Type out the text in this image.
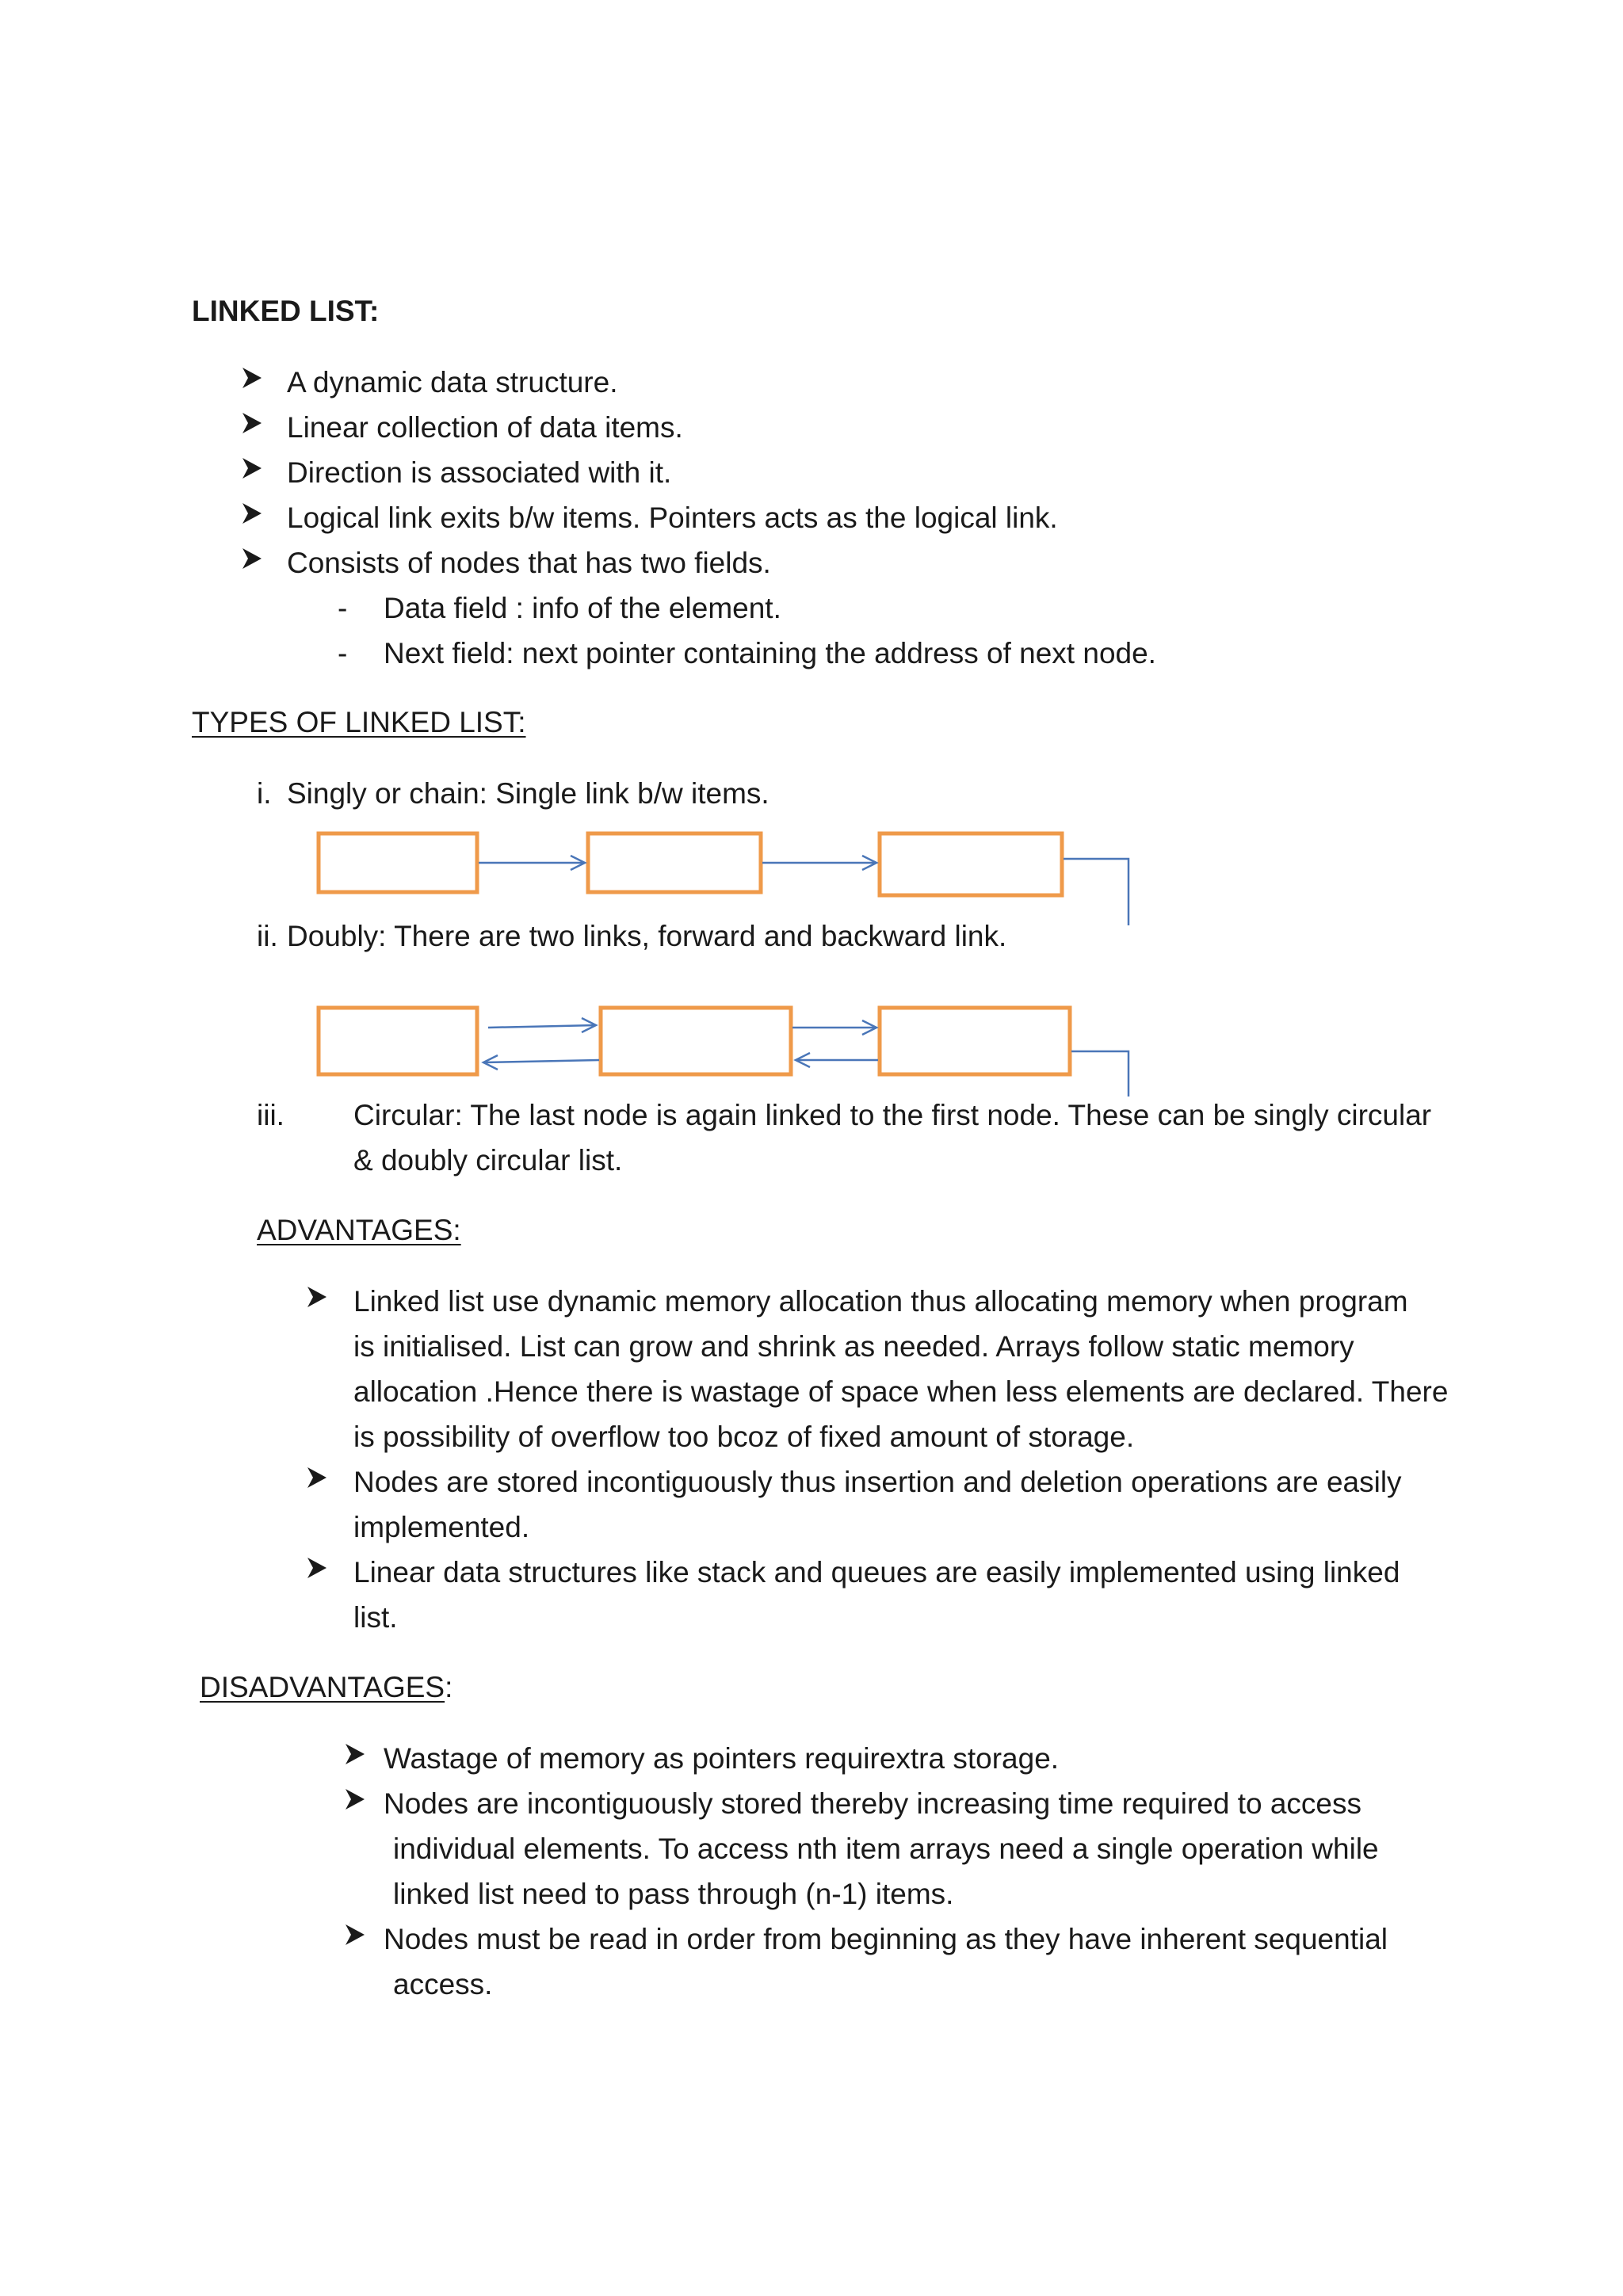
LINKED LIST:
A dynamic data structure.
Linear collection of data items.
Direction is associated with it.
Logical link exits b/w items. Pointers acts as the logical link.
Consists of nodes that has two fields.
- Data field : info of the element.
- Next field: next pointer containing the address of next node.
TYPES OF LINKED LIST:
i. Singly or chain: Single link b/w items.
ii. Doubly: There are two links, forward and backward link.
iii. Circular: The last node is again linked to the first node. These can be singly circular
& doubly circular list.
ADVANTAGES:
Linked list use dynamic memory allocation thus allocating memory when program
is initialised. List can grow and shrink as needed. Arrays follow static memory
allocation .Hence there is wastage of space when less elements are declared. There
is possibility of overflow too bcoz of fixed amount of storage.
Nodes are stored incontiguously thus insertion and deletion operations are easily
implemented.
Linear data structures like stack and queues are easily implemented using linked
list.
DISADVANTAGES:
Wastage of memory as pointers requirextra storage.
Nodes are incontiguously stored thereby increasing time required to access
individual elements. To access nth item arrays need a single operation while
linked list need to pass through (n-1) items.
Nodes must be read in order from beginning as they have inherent sequential
access.
